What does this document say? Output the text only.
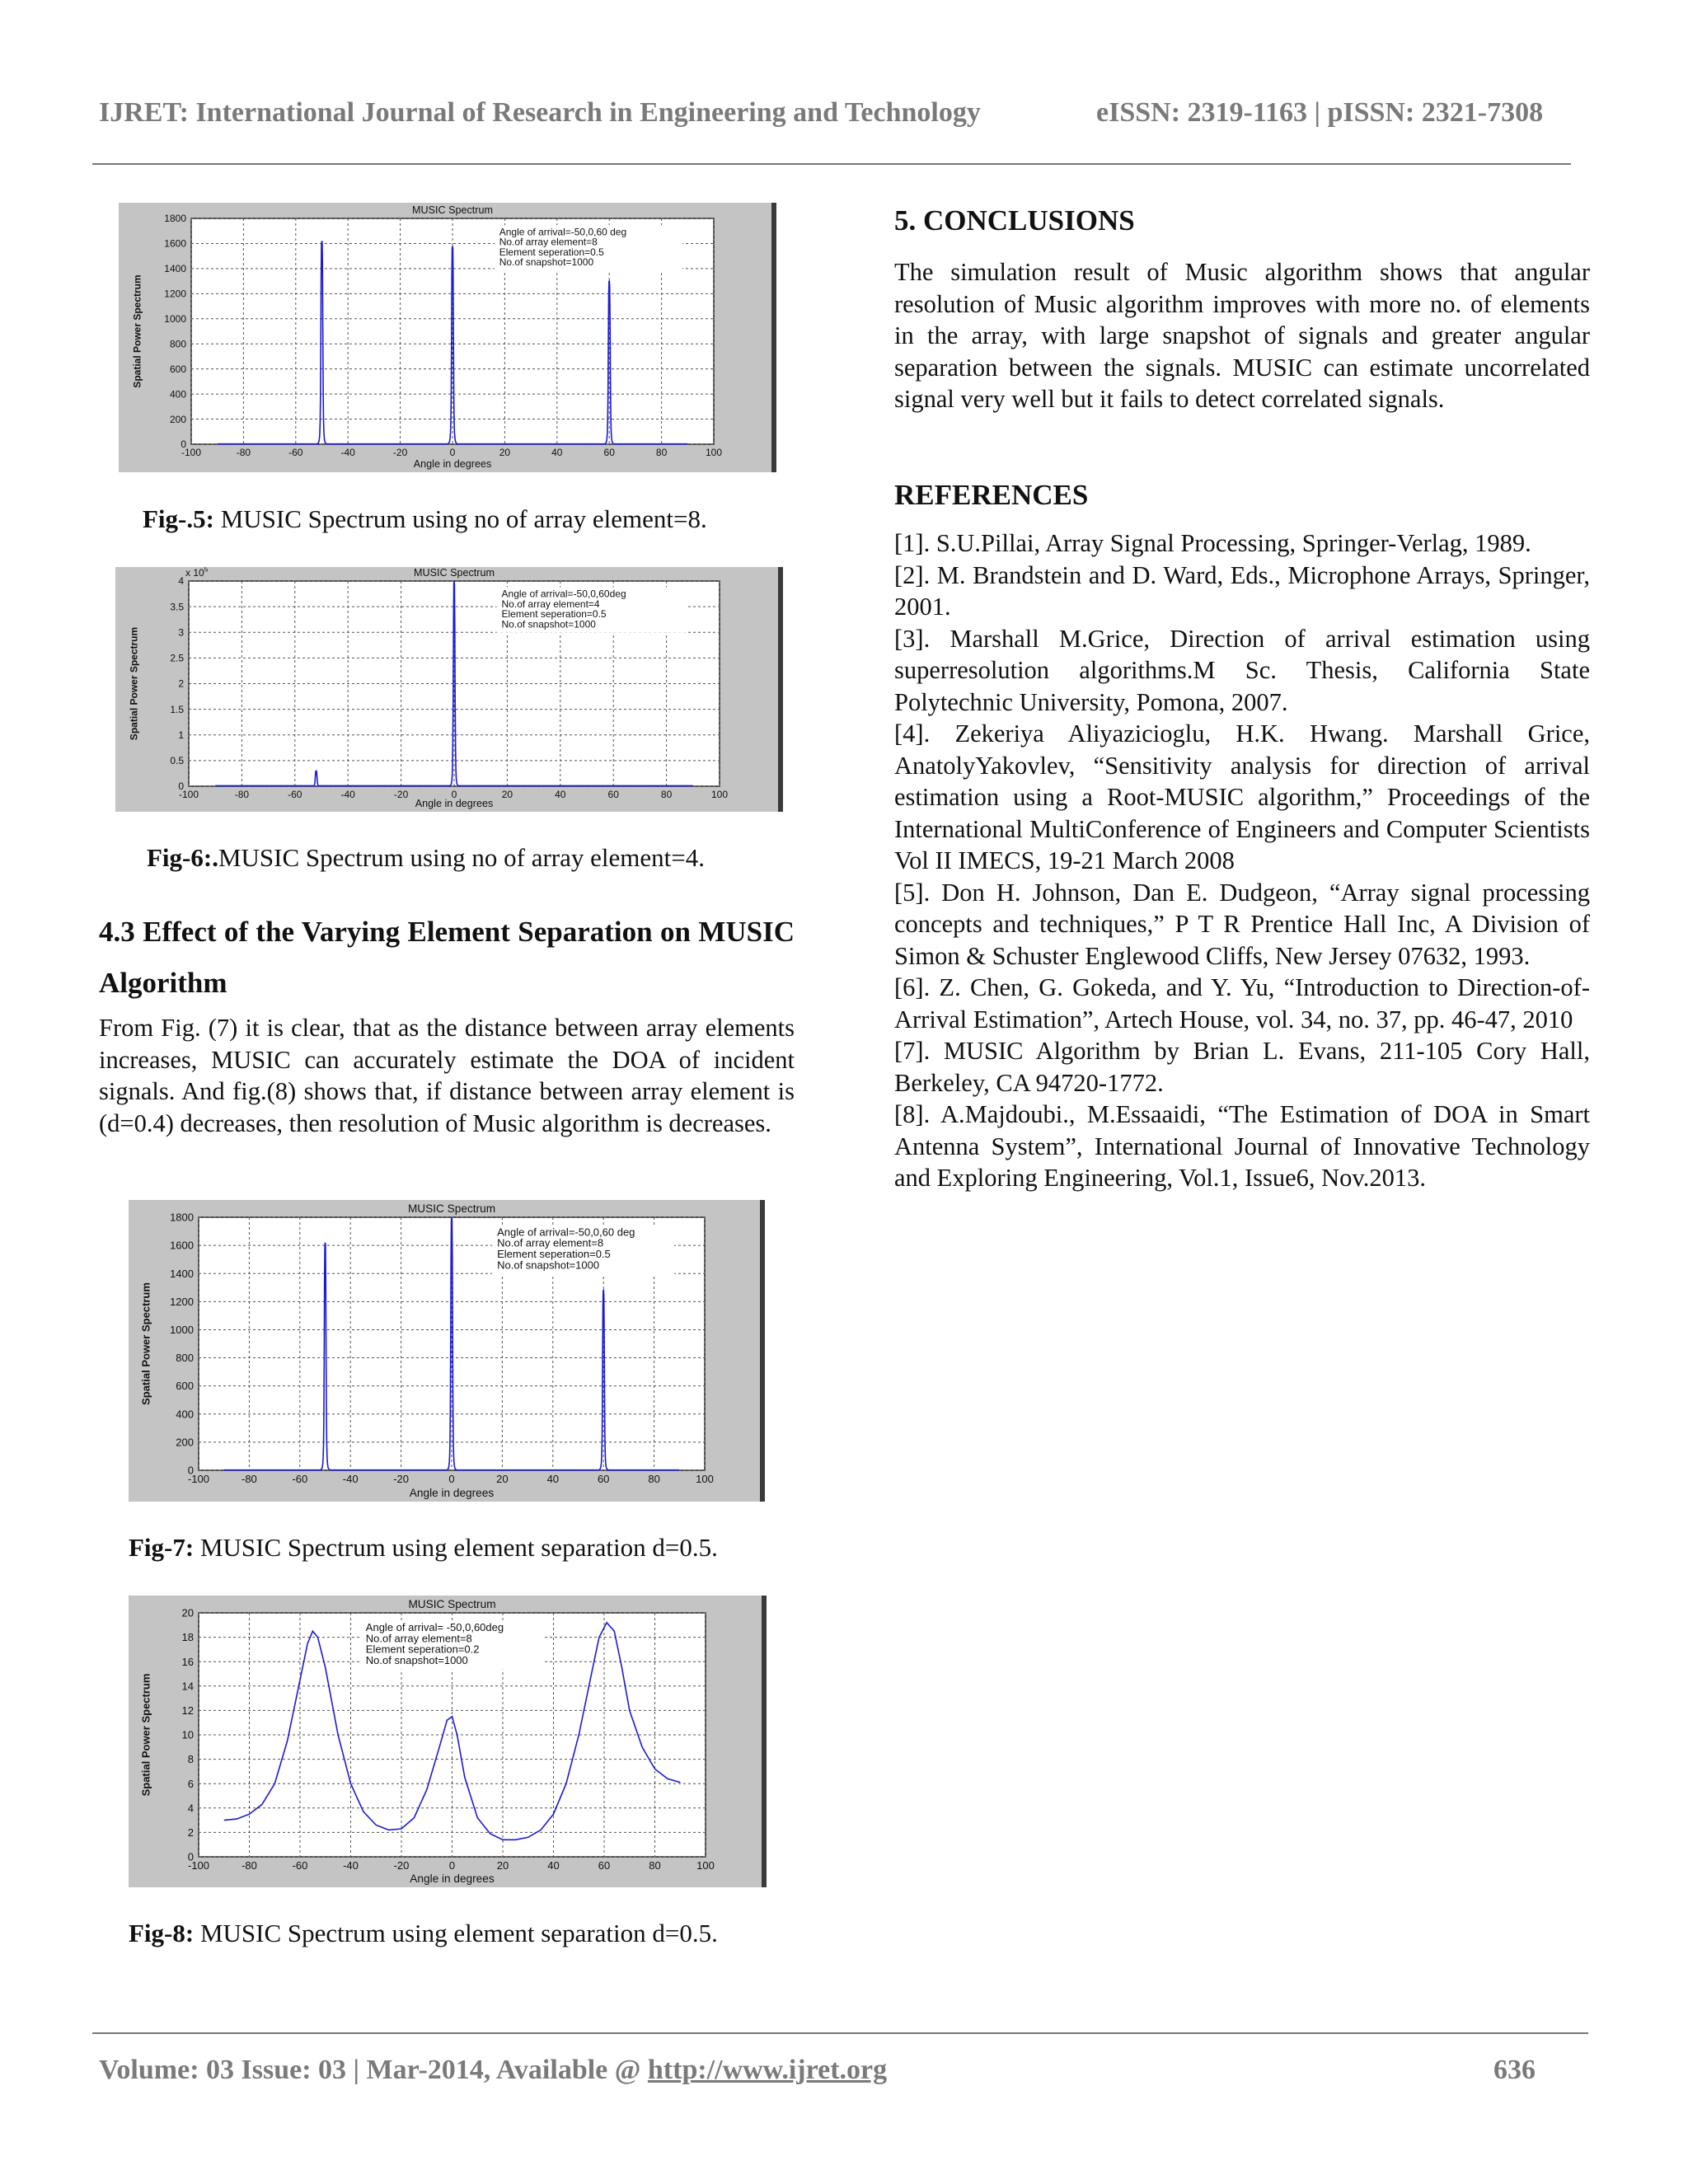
IJRET: International Journal of Research in Engineering and Technology	eISSN: 2319-1163 | pISSN: 2321-7308
-100	-80	-60	-40	-20	0	20	40	60	80	100
0
200
400
600
800
1000
1200
1400
1600
1800
MUSIC Spectrum
Angle in degrees
Spatial Power Spectrum
Angle of arrival=-50,0,60 deg
No.of array element=8
Element seperation=0.5
No.of snapshot=1000
Fig-.5: MUSIC Spectrum using no of array element=8.
-100	-80	-60	-40	-20	0	20	40	60	80	100
0
0.5
1
1.5
2
2.5
3
3.5
4
x $10^5$	MUSIC Spectrum
Angle in degrees
Spatial Power Spectrum
Angle of arrival=-50,0,60deg
No.of array element=4
Element seperation=0.5
No.of snapshot=1000
Fig-6:.MUSIC Spectrum using no of array element=4.
4.3 Effect of the Varying Element Separation on MUSIC Algorithm
From Fig. (7) it is clear, that as the distance between array elements increases, MUSIC can accurately estimate the DOA of incident signals. And fig.(8) shows that, if distance between array element is (d=0.4) decreases, then resolution of Music algorithm is decreases.
-100	-80	-60	-40	-20	0	20	40	60	80	100
0
200
400
600
800
1000
1200
1400
1600
1800
MUSIC Spectrum
Angle in degrees
Spatial Power Spectrum
Angle of arrival=-50,0,60 deg
No.of array element=8
Element seperation=0.5
No.of snapshot=1000
Fig-7: MUSIC Spectrum using element separation d=0.5.
-100	-80	-60	-40	-20	0	20	40	60	80	100
0
2
4
6
8
10
12
14
16
18
20
MUSIC Spectrum
Angle in degrees
Spatial Power Spectrum
Angle of arrival= -50,0,60deg
No.of array element=8
Element seperation=0.2
No.of snapshot=1000
Fig-8: MUSIC Spectrum using element separation d=0.5.
5. CONCLUSIONS
The simulation result of Music algorithm shows that angular resolution of Music algorithm improves with more no. of elements in the array, with large snapshot of signals and greater angular separation between the signals. MUSIC can estimate uncorrelated signal very well but it fails to detect correlated signals.
REFERENCES
[1]. S.U.Pillai, Array Signal Processing, Springer-Verlag, 1989.
[2]. M. Brandstein and D. Ward, Eds., Microphone Arrays, Springer, 2001.
[3]. Marshall M.Grice, Direction of arrival estimation using superresolution algorithms.M Sc. Thesis, California State Polytechnic University, Pomona, 2007.
[4]. Zekeriya Aliyazicioglu, H.K. Hwang. Marshall Grice, AnatolyYakovlev, “Sensitivity analysis for direction of arrival estimation using a Root-MUSIC algorithm,” Proceedings of the International MultiConference of Engineers and Computer Scientists Vol II IMECS, 19-21 March 2008
[5]. Don H. Johnson, Dan E. Dudgeon, “Array signal processing concepts and techniques,” P T R Prentice Hall Inc, A Division of Simon & Schuster Englewood Cliffs, New Jersey 07632, 1993.
[6]. Z. Chen, G. Gokeda, and Y. Yu, “Introduction to Direction-of-Arrival Estimation”, Artech House, vol. 34, no. 37, pp. 46-47, 2010
[7]. MUSIC Algorithm by Brian L. Evans, 211-105 Cory Hall, Berkeley, CA 94720-1772.
[8]. A.Majdoubi., M.Essaaidi, “The Estimation of DOA in Smart Antenna System”, International Journal of Innovative Technology and Exploring Engineering, Vol.1, Issue6, Nov.2013.
Volume: 03 Issue: 03 | Mar-2014, Available @ http://www.ijret.org	636
